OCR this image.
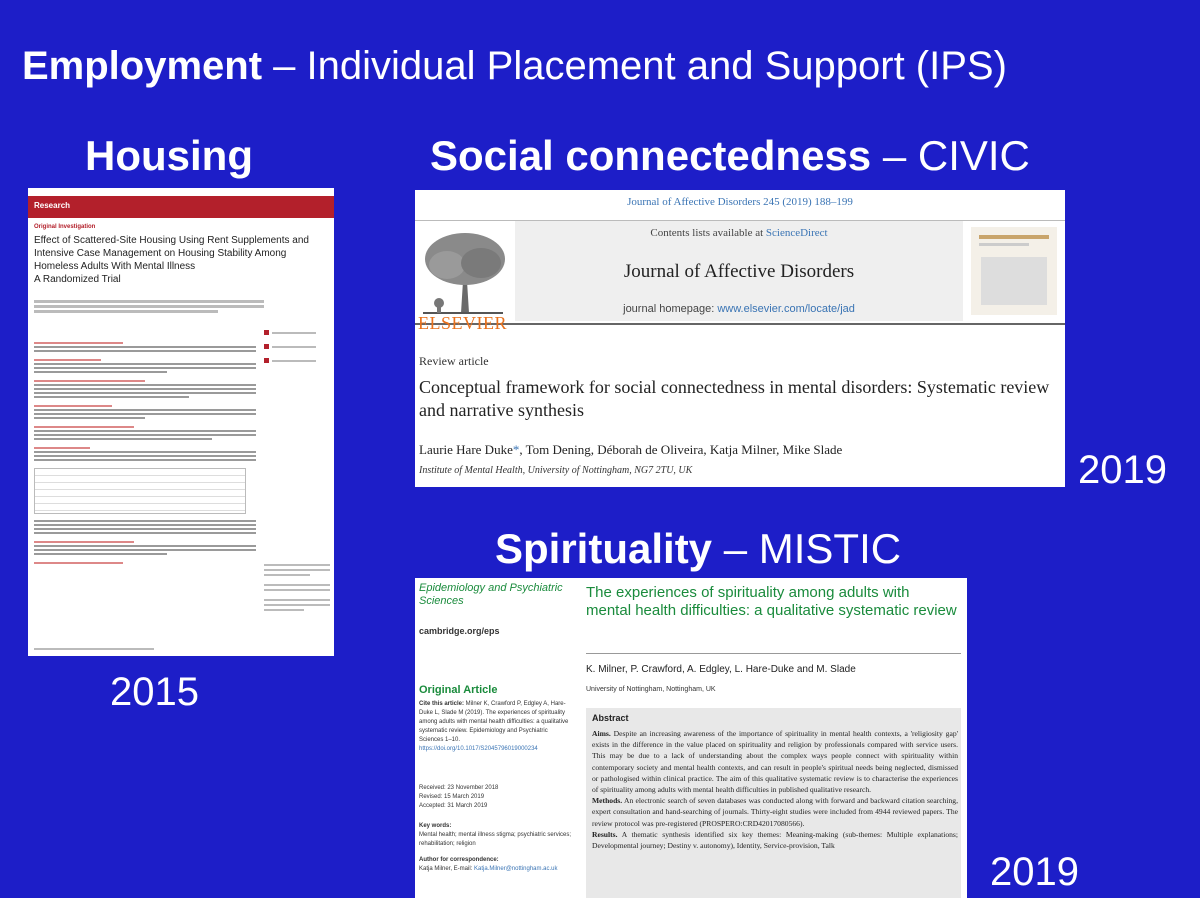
Employment – Individual Placement and Support (IPS)
Housing	Social connectedness – CIVIC
Spirituality – MISTIC
2015
2019
2019
Research
Original Investigation
Effect of Scattered-Site Housing Using Rent Supplements and Intensive Case Management on Housing Stability Among Homeless Adults With Mental Illness
A Randomized Trial
Journal of Affective Disorders 245 (2019) 188–199
ELSEVIER
Contents lists available at ScienceDirect
Journal of Affective Disorders
journal homepage: www.elsevier.com/locate/jad
Review article
Conceptual framework for social connectedness in mental disorders: Systematic review and narrative synthesis
Laurie Hare Duke*, Tom Dening, Déborah de Oliveira, Katja Milner, Mike Slade
Institute of Mental Health, University of Nottingham, NG7 2TU, UK
Epidemiology and Psychiatric Sciences
cambridge.org/eps
Original Article
Cite this article: Milner K, Crawford P, Edgley A, Hare-Duke L, Slade M (2019). The experiences of spirituality among adults with mental health difficulties: a qualitative systematic review. Epidemiology and Psychiatric Sciences 1–10. https://doi.org/10.1017/S2045796019000234
Received: 23 November 2018
Revised: 15 March 2019
Accepted: 31 March 2019
Key words:
Mental health; mental illness stigma; psychiatric services; rehabilitation; religion
Author for correspondence:
Katja Milner, E-mail: Katja.Milner@nottingham.ac.uk
The experiences of spirituality among adults with mental health difficulties: a qualitative systematic review
K. Milner, P. Crawford, A. Edgley, L. Hare-Duke and M. Slade
University of Nottingham, Nottingham, UK
Abstract
Aims. Despite an increasing awareness of the importance of spirituality in mental health contexts, a 'religiosity gap' exists in the difference in the value placed on spirituality and religion by professionals compared with service users. This may be due to a lack of understanding about the complex ways people connect with spirituality within contemporary society and mental health contexts, and can result in people's spiritual needs being neglected, dismissed or pathologised within clinical practice. The aim of this qualitative systematic review is to characterise the experiences of spirituality among adults with mental health difficulties in published qualitative research.
Methods. An electronic search of seven databases was conducted along with forward and backward citation searching, expert consultation and hand-searching of journals. Thirty-eight studies were included from 4944 reviewed papers. The review protocol was pre-registered (PROSPERO:CRD42017080566).
Results. A thematic synthesis identified six key themes: Meaning-making (sub-themes: Multiple explanations; Developmental journey; Destiny v. autonomy), Identity, Service-provision, Talk
